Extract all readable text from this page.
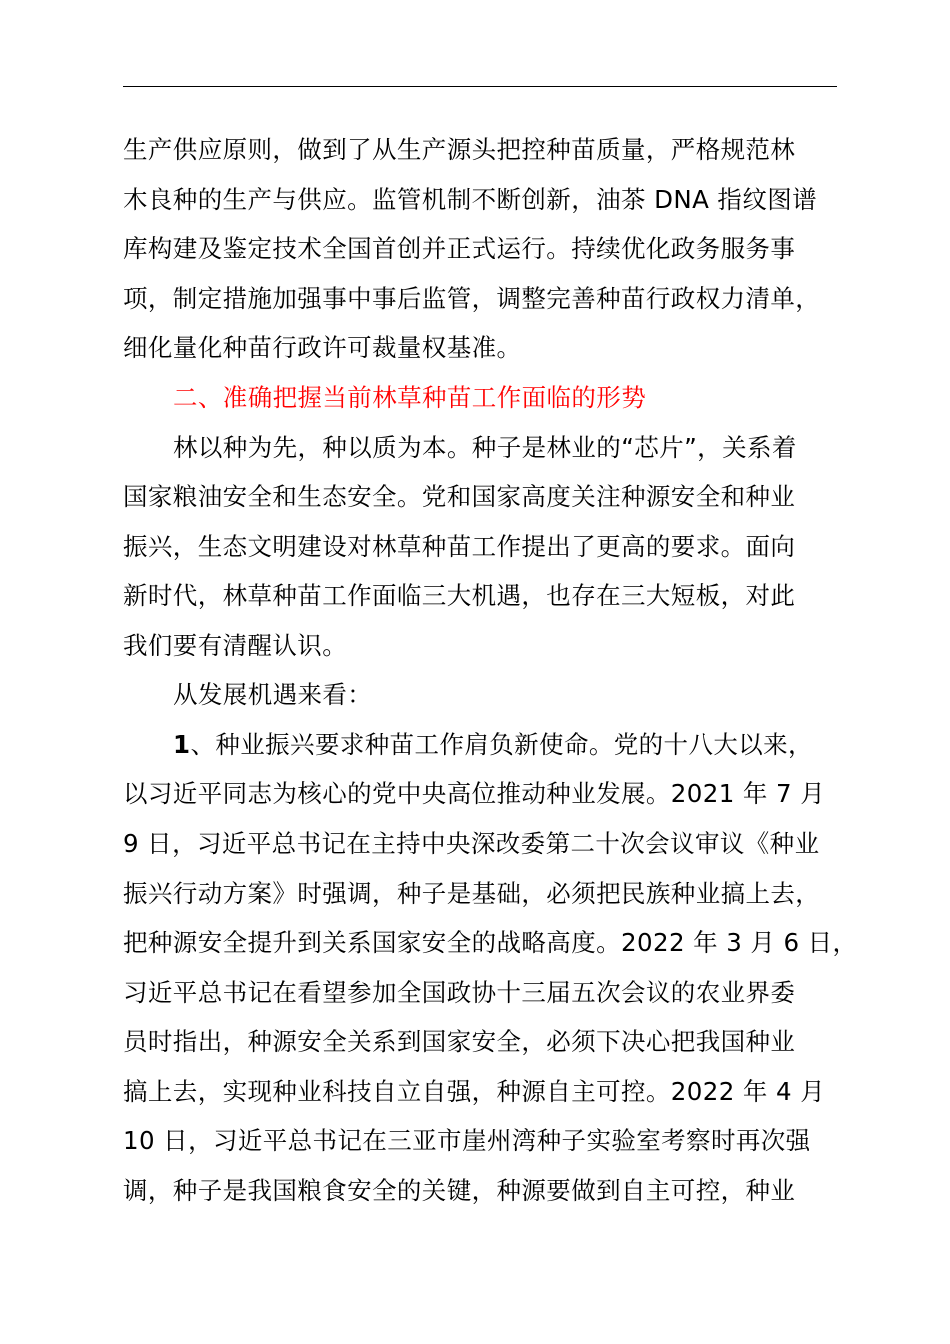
生产供应原则，做到了从生产源头把控种苗质量，严格规范林
木良种的生产与供应。监管机制不断创新，油茶 DNA 指纹图谱
库构建及鉴定技术全国首创并正式运行。持续优化政务服务事
项，制定措施加强事中事后监管，调整完善种苗行政权力清单，
细化量化种苗行政许可裁量权基准。
二、准确把握当前林草种苗工作面临的形势
林以种为先，种以质为本。种子是林业的“芯片”，关系着
国家粮油安全和生态安全。党和国家高度关注种源安全和种业
振兴，生态文明建设对林草种苗工作提出了更高的要求。面向
新时代，林草种苗工作面临三大机遇，也存在三大短板，对此
我们要有清醒认识。
从发展机遇来看：
1、种业振兴要求种苗工作肩负新使命。党的十八大以来，
以习近平同志为核心的党中央高位推动种业发展。2021 年 7 月
9 日，习近平总书记在主持中央深改委第二十次会议审议《种业
振兴行动方案》时强调，种子是基础，必须把民族种业搞上去，
把种源安全提升到关系国家安全的战略高度。2022 年 3 月 6 日，
习近平总书记在看望参加全国政协十三届五次会议的农业界委
员时指出，种源安全关系到国家安全，必须下决心把我国种业
搞上去，实现种业科技自立自强，种源自主可控。2022 年 4 月
10 日，习近平总书记在三亚市崖州湾种子实验室考察时再次强
调，种子是我国粮食安全的关键，种源要做到自主可控，种业
